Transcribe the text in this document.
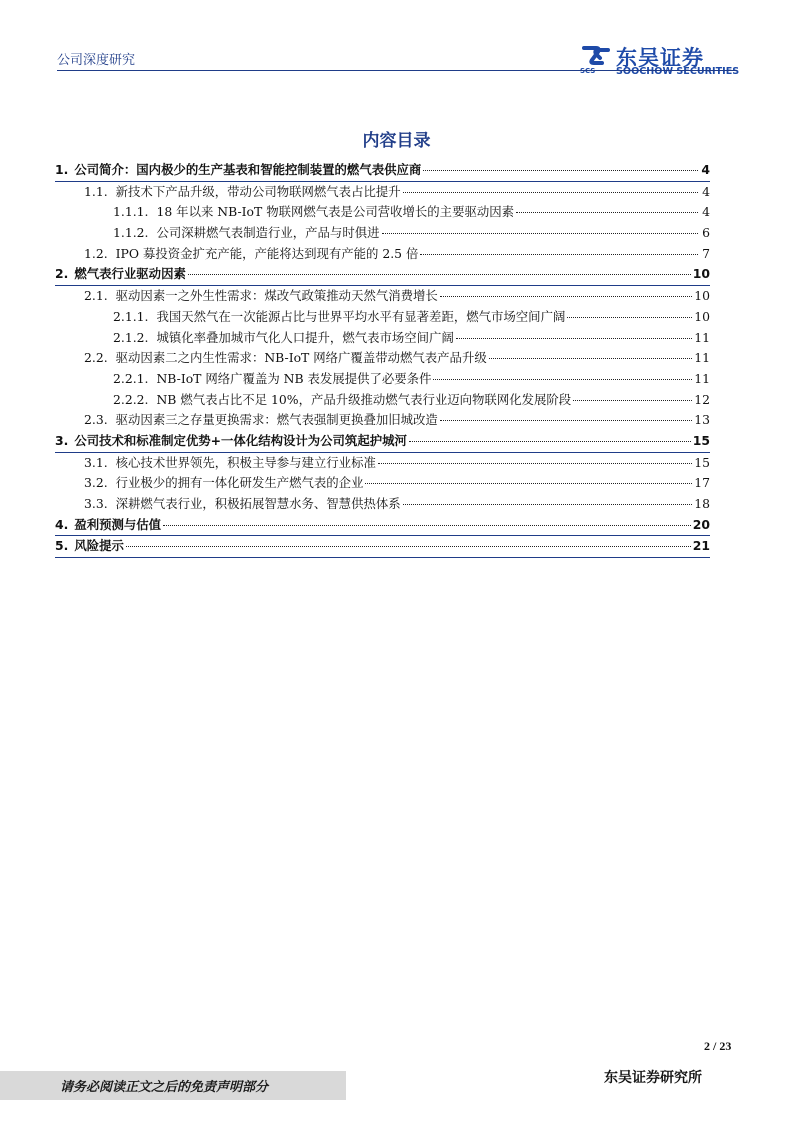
公司深度研究
SCS
东吴证券
SOOCHOW SECURITIES
内容目录
1. 公司简介：国内极少的生产基表和智能控制装置的燃气表供应商	4
1.1. 新技术下产品升级，带动公司物联网燃气表占比提升	4
1.1.1. 18 年以来 NB-IoT 物联网燃气表是公司营收增长的主要驱动因素	4
1.1.2. 公司深耕燃气表制造行业，产品与时俱进	6
1.2. IPO 募投资金扩充产能，产能将达到现有产能的 2.5 倍	7
2. 燃气表行业驱动因素	10
2.1. 驱动因素一之外生性需求：煤改气政策推动天然气消费增长	10
2.1.1. 我国天然气在一次能源占比与世界平均水平有显著差距，燃气市场空间广阔	10
2.1.2. 城镇化率叠加城市气化人口提升，燃气表市场空间广阔	11
2.2. 驱动因素二之内生性需求：NB-IoT 网络广覆盖带动燃气表产品升级	11
2.2.1. NB-IoT 网络广覆盖为 NB 表发展提供了必要条件	11
2.2.2. NB 燃气表占比不足 10%，产品升级推动燃气表行业迈向物联网化发展阶段	12
2.3. 驱动因素三之存量更换需求：燃气表强制更换叠加旧城改造	13
3. 公司技术和标准制定优势+一体化结构设计为公司筑起护城河	15
3.1. 核心技术世界领先，积极主导参与建立行业标准	15
3.2. 行业极少的拥有一体化研发生产燃气表的企业	17
3.3. 深耕燃气表行业，积极拓展智慧水务、智慧供热体系	18
4. 盈利预测与估值	20
5. 风险提示	21
2 / 23
请务必阅读正文之后的免责声明部分
东吴证券研究所
